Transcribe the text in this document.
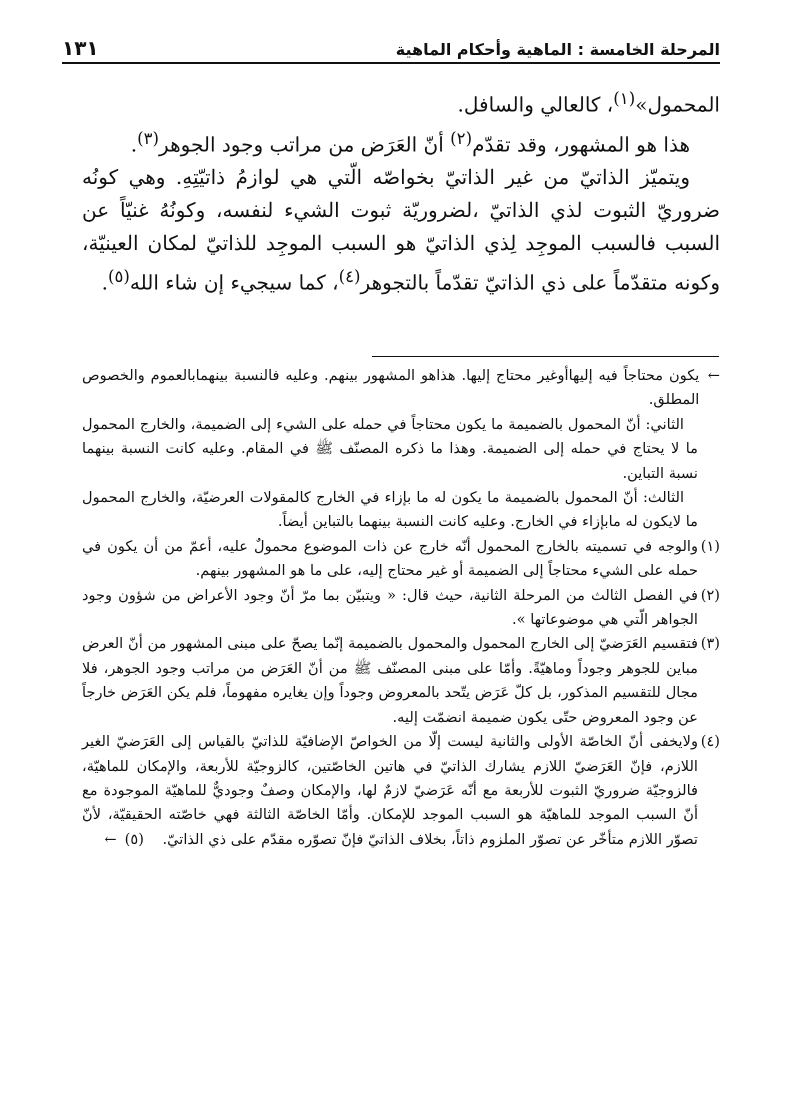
المرحلة الخامسة : الماهية وأحكام الماهية
١٣١

المحمول»$^{(١)}$، كالعالي والسافل.

هذا هو المشهور، وقد تقدّم$^{(٢)}$ أنّ العَرَض من مراتب وجود الجوهر$^{(٣)}$.

ويتميّز الذاتيّ من غير الذاتيّ بخواصّه الّتي هي لوازمُ ذاتيّتِهِ. وهي كونُه ضروريّ الثبوت لذي الذاتيّ ،لضروريّة ثبوت الشيء لنفسه، وكونُهُ غنيّاً عن السبب فالسبب الموجِد لِذي الذاتيّ هو السبب الموجِد للذاتيّ لمكان العينيّة، وكونه متقدّماً على ذي الذاتيّ تقدّماً بالتجوهر$^{(٤)}$، كما سيجيء إن شاء الله$^{(٥)}$.

←

يكون محتاجاً فيه إليهاأوغير محتاج إليها. هذاهو المشهور بينهم. وعليه فالنسبة بينهمابالعموم والخصوص المطلق.

الثاني: أنّ المحمول بالضميمة ما يكون محتاجاً في حمله على الشيء إلى الضميمة، والخارج المحمول ما لا يحتاج في حمله إلى الضميمة. وهذا ما ذكره المصنّف ﷺ في المقام. وعليه كانت النسبة بينهما نسبة التباين.

الثالث: أنّ المحمول بالضميمة ما يكون له ما بإزاء في الخارج كالمقولات العرضيّة، والخارج المحمول ما لايكون له مابإزاء في الخارج. وعليه كانت النسبة بينهما بالتباين أيضاً.

(١)

والوجه في تسميته بالخارج المحمول أنّه خارج عن ذات الموضوع محمولٌ عليه، أعمّ من أن يكون في حمله على الشيء محتاجاً إلى الضميمة أو غير محتاج إليه، على ما هو المشهور بينهم.

(٢)

في الفصل الثالث من المرحلة الثانية، حيث قال: « ويتبيّن بما مرّ أنّ وجود الأعراض من شؤون وجود الجواهر الّتي هي موضوعاتها ».

(٣)

فتقسيم العَرَضيّ إلى الخارج المحمول والمحمول بالضميمة إنّما يصحّ على مبنى المشهور من أنّ العرض مباين للجوهر وجوداً وماهيّةً. وأمّا على مبنى المصنّف ﷺ من أنّ العَرَض من مراتب وجود الجوهر، فلا مجال للتقسيم المذكور، بل كلّ عَرَض يتّحد بالمعروض وجوداً وإن يغايره مفهوماً، فلم يكن العَرَض خارجاً عن وجود المعروض حتّى يكون ضميمة انضمّت إليه.

(٤)

ولايخفى أنّ الخاصّة الأولى والثانية ليست إلّا من الخواصّ الإضافيّة للذاتيّ بالقياس إلى العَرَضيّ الغير اللازم، فإنّ العَرَضيّ اللازم يشارك الذاتيّ في هاتين الخاصّتين، كالزوجيّة للأربعة، والإمكان للماهيّة، فالزوجيّة ضروريّ الثبوت للأربعة مع أنّه عَرَضيّ لازمٌ لها، والإمكان وصفٌ وجوديٌّ للماهيّة الموجودة مع أنّ السبب الموجد للماهيّة هو السبب الموجد للإمكان. وأمّا الخاصّة الثالثة فهي خاصّته الحقيقيّة، لأنّ تصوّر اللازم متأخّر عن تصوّر الملزوم ذاتاً، بخلاف الذاتيّ فإنّ تصوّره مقدّم على ذي الذاتيّ.    (٥)←
